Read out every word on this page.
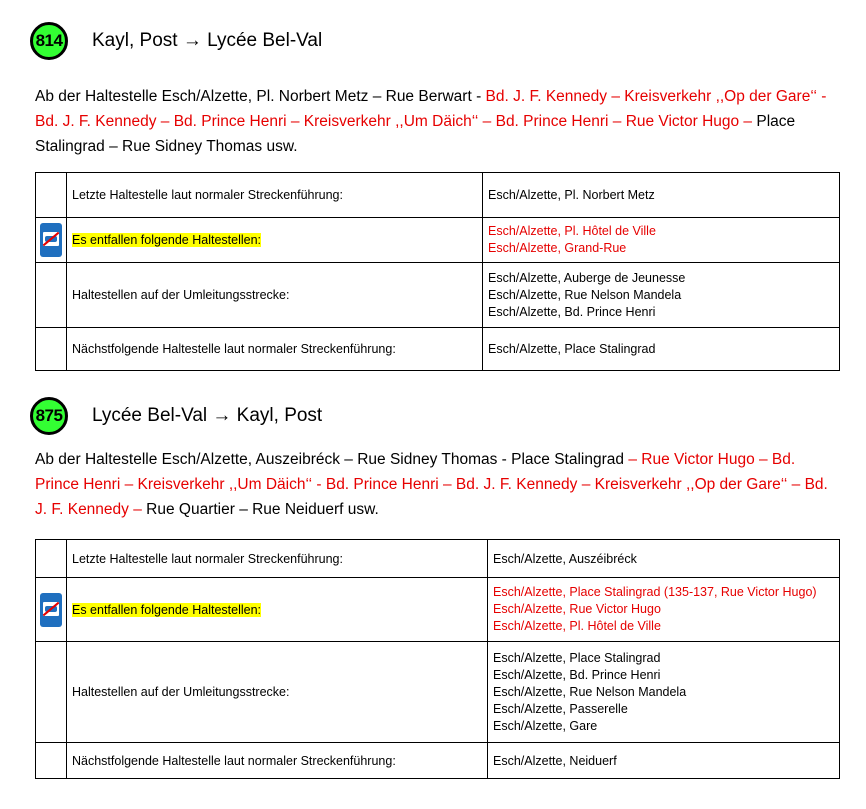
814 Kayl, Post → Lycée Bel-Val
Ab der Haltestelle Esch/Alzette, Pl. Norbert Metz – Rue Berwart - Bd. J. F. Kennedy – Kreisverkehr ,,Op der Gare‘‘ - Bd. J. F. Kennedy – Bd. Prince Henri – Kreisverkehr ,,Um Däich‘‘ – Bd. Prince Henri – Rue Victor Hugo – Place Stalingrad – Rue Sidney Thomas usw.
	Letzte Haltestelle laut normaler Streckenführung:	Esch/Alzette, Pl. Norbert Metz

	Es entfallen folgende Haltestellen:	Esch/Alzette, Pl. Hôtel de Ville
Esch/Alzette, Grand-Rue

	Haltestellen auf der Umleitungsstrecke:	Esch/Alzette, Auberge de Jeunesse
Esch/Alzette, Rue Nelson Mandela
Esch/Alzette, Bd. Prince Henri

	Nächstfolgende Haltestelle laut normaler Streckenführung:	Esch/Alzette, Place Stalingrad
875 Lycée Bel-Val → Kayl, Post
Ab der Haltestelle Esch/Alzette, Auszeibréck – Rue Sidney Thomas - Place Stalingrad – Rue Victor Hugo – Bd. Prince Henri – Kreisverkehr ,,Um Däich‘‘ - Bd. Prince Henri – Bd. J. F. Kennedy – Kreisverkehr ,,Op der Gare‘‘ – Bd. J. F. Kennedy – Rue Quartier – Rue Neiduerf usw.
	Letzte Haltestelle laut normaler Streckenführung:	Esch/Alzette, Auszéibréck

	Es entfallen folgende Haltestellen:	Esch/Alzette, Place Stalingrad (135-137, Rue Victor Hugo)
Esch/Alzette, Rue Victor Hugo
Esch/Alzette, Pl. Hôtel de Ville

	Haltestellen auf der Umleitungsstrecke:	Esch/Alzette, Place Stalingrad
Esch/Alzette, Bd. Prince Henri
Esch/Alzette, Rue Nelson Mandela
Esch/Alzette, Passerelle
Esch/Alzette, Gare

	Nächstfolgende Haltestelle laut normaler Streckenführung:	Esch/Alzette, Neiduerf
